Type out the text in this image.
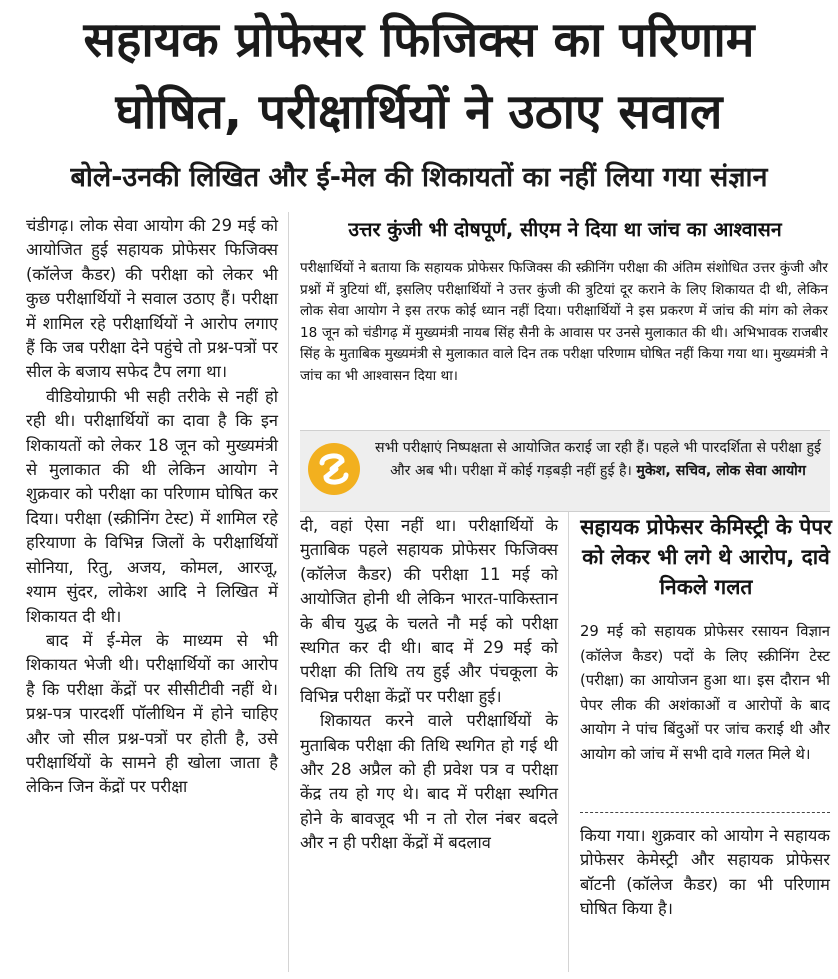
सहायक प्रोफेसर फिजिक्स का परिणाम
घोषित, परीक्षार्थियों ने उठाए सवाल
बोले-उनकी लिखित और ई-मेल की शिकायतों का नहीं लिया गया संज्ञान

चंडीगढ़। लोक सेवा आयोग की 29 मई को आयोजित हुई सहायक प्रोफेसर फिजिक्स (कॉलेज कैडर) की परीक्षा को लेकर भी कुछ परीक्षार्थियों ने सवाल उठाए हैं। परीक्षा में शामिल रहे परीक्षार्थियों ने आरोप लगाए हैं कि जब परीक्षा देने पहुंचे तो प्रश्न-पत्रों पर सील के बजाय सफेद टैप लगा था।

वीडियोग्राफी भी सही तरीके से नहीं हो रही थी। परीक्षार्थियों का दावा है कि इन शिकायतों को लेकर 18 जून को मुख्यमंत्री से मुलाकात की थी लेकिन आयोग ने शुक्रवार को परीक्षा का परिणाम घोषित कर दिया। परीक्षा (स्क्रीनिंग टेस्ट) में शामिल रहे हरियाणा के विभिन्न जिलों के परीक्षार्थियों सोनिया, रितु, अजय, कोमल, आरजू, श्याम सुंदर, लोकेश आदि ने लिखित में शिकायत दी थी।

बाद में ई-मेल के माध्यम से भी शिकायत भेजी थी। परीक्षार्थियों का आरोप है कि परीक्षा केंद्रों पर सीसीटीवी नहीं थे। प्रश्न-पत्र पारदर्शी पॉलीथिन में होने चाहिए और जो सील प्रश्न-पत्रों पर होती है, उसे परीक्षार्थियों के सामने ही खोला जाता है लेकिन जिन केंद्रों पर परीक्षा

उत्तर कुंजी भी दोषपूर्ण, सीएम ने दिया था जांच का आश्वासन

परीक्षार्थियों ने बताया कि सहायक प्रोफेसर फिजिक्स की स्क्रीनिंग परीक्षा की अंतिम संशोधित उत्तर कुंजी और प्रश्नों में त्रुटियां थीं, इसलिए परीक्षार्थियों ने उत्तर कुंजी की त्रुटियां दूर कराने के लिए शिकायत दी थी, लेकिन लोक सेवा आयोग ने इस तरफ कोई ध्यान नहीं दिया। परीक्षार्थियों ने इस प्रकरण में जांच की मांग को लेकर 18 जून को चंडीगढ़ में मुख्यमंत्री नायब सिंह सैनी के आवास पर उनसे मुलाकात की थी। अभिभावक राजबीर सिंह के मुताबिक मुख्यमंत्री से मुलाकात वाले दिन तक परीक्षा परिणाम घोषित नहीं किया गया था। मुख्यमंत्री ने जांच का भी आश्वासन दिया था।

सभी परीक्षाएं निष्पक्षता से आयोजित कराई जा रही हैं। पहले भी पारदर्शिता से परीक्षा हुई और अब भी। परीक्षा में कोई गड़बड़ी नहीं हुई है। मुकेश, सचिव, लोक सेवा आयोग

दी, वहां ऐसा नहीं था। परीक्षार्थियों के मुताबिक पहले सहायक प्रोफेसर फिजिक्स (कॉलेज कैडर) की परीक्षा 11 मई को आयोजित होनी थी लेकिन भारत-पाकिस्तान के बीच युद्ध के चलते नौ मई को परीक्षा स्थगित कर दी थी। बाद में 29 मई को परीक्षा की तिथि तय हुई और पंचकूला के विभिन्न परीक्षा केंद्रों पर परीक्षा हुई।

शिकायत करने वाले परीक्षार्थियों के मुताबिक परीक्षा की तिथि स्थगित हो गई थी और 28 अप्रैल को ही प्रवेश पत्र व परीक्षा केंद्र तय हो गए थे। बाद में परीक्षा स्थगित होने के बावजूद भी न तो रोल नंबर बदले और न ही परीक्षा केंद्रों में बदलाव

सहायक प्रोफेसर केमिस्ट्री के पेपर को लेकर भी लगे थे आरोप, दावे निकले गलत

29 मई को सहायक प्रोफेसर रसायन विज्ञान (कॉलेज कैडर) पदों के लिए स्क्रीनिंग टेस्ट (परीक्षा) का आयोजन हुआ था। इस दौरान भी पेपर लीक की अशंकाओं व आरोपों के बाद आयोग ने पांच बिंदुओं पर जांच कराई थी और आयोग को जांच में सभी दावे गलत मिले थे।

किया गया। शुक्रवार को आयोग ने सहायक प्रोफेसर केमेस्ट्री और सहायक प्रोफेसर बॉटनी (कॉलेज कैडर) का भी परिणाम घोषित किया है।
